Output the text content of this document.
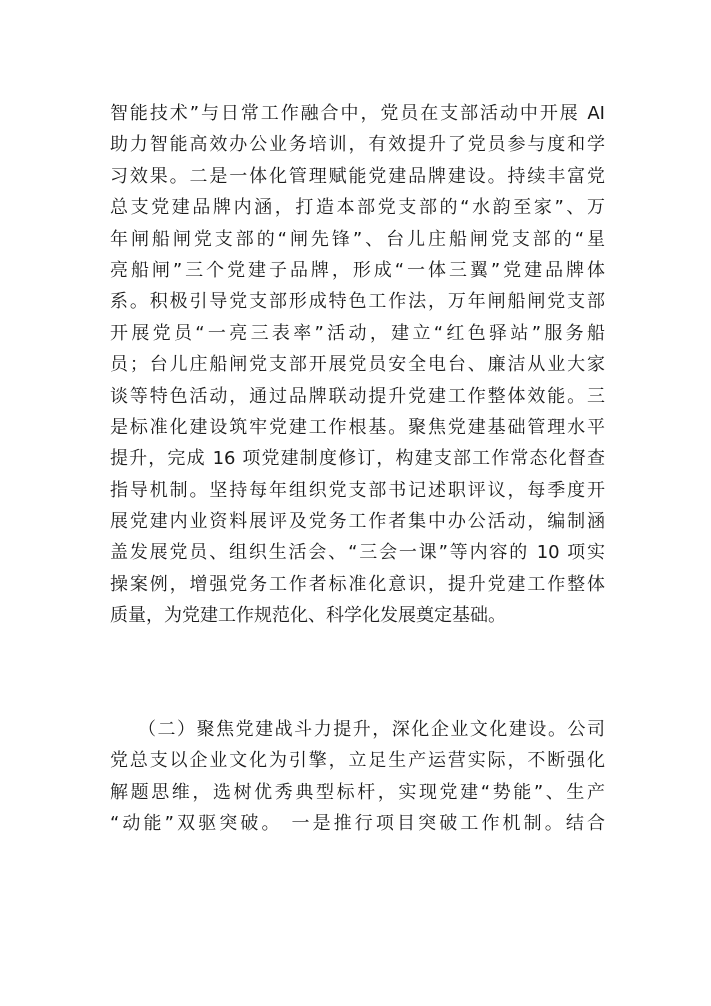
智能技术”与日常工作融合中，党员在支部活动中开展 AI
助力智能高效办公业务培训，有效提升了党员参与度和学
习效果。二是一体化管理赋能党建品牌建设。持续丰富党
总支党建品牌内涵，打造本部党支部的“水韵至家”、万
年闸船闸党支部的“闸先锋”、台儿庄船闸党支部的“星
亮船闸”三个党建子品牌，形成“一体三翼”党建品牌体
系。积极引导党支部形成特色工作法，万年闸船闸党支部
开展党员“一亮三表率”活动，建立“红色驿站”服务船
员；台儿庄船闸党支部开展党员安全电台、廉洁从业大家
谈等特色活动，通过品牌联动提升党建工作整体效能。三
是标准化建设筑牢党建工作根基。聚焦党建基础管理水平
提升，完成 16 项党建制度修订，构建支部工作常态化督查
指导机制。坚持每年组织党支部书记述职评议，每季度开
展党建内业资料展评及党务工作者集中办公活动，编制涵
盖发展党员、组织生活会、“三会一课”等内容的 10 项实
操案例，增强党务工作者标准化意识，提升党建工作整体
质量，为党建工作规范化、科学化发展奠定基础。
（二）聚焦党建战斗力提升，深化企业文化建设。公司
党总支以企业文化为引擎，立足生产运营实际，不断强化
解题思维，选树优秀典型标杆，实现党建“势能”、生产
“动能”双驱突破。 一是推行项目突破工作机制。结合
